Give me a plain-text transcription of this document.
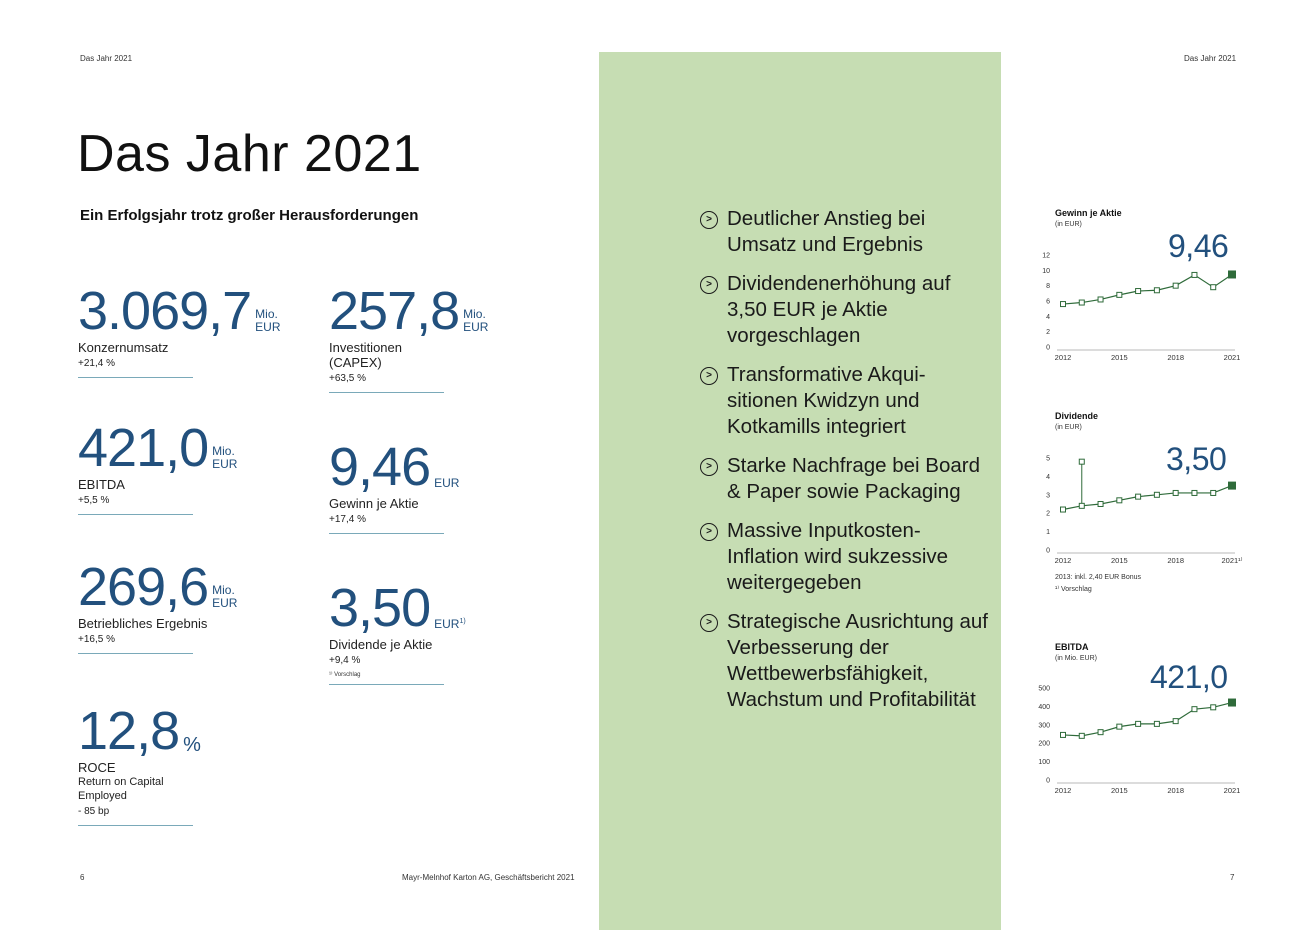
Das Jahr 2021
Das Jahr 2021
Ein Erfolgsjahr trotz großer Herausforderungen
3.069,7 Mio.
EUR
Konzernumsatz
+21,4 %
257,8 Mio.
EUR
Investitionen
(CAPEX)
+63,5 %
421,0 Mio.
EUR
EBITDA
+5,5 %
9,46 EUR
Gewinn je Aktie
+17,4 %
269,6 Mio.
EUR
Betriebliches Ergebnis
+16,5 %
3,50 EUR$^{1)}$
Dividende je Aktie
+9,4 %
¹⁾ Vorschlag
12,8 %
ROCE
Return on Capital
Employed
- 85 bp
6	Mayr-Melnhof Karton AG, Geschäftsbericht 2021
> Deutlicher Anstieg bei Umsatz und Ergebnis
> Dividendenerhöhung auf 3,50 EUR je Aktie vorgeschlagen
> Transformative Akqui-sitionen Kwidzyn und Kotkamills integriert
> Starke Nachfrage bei Board & Paper sowie Packaging
> Massive Inputkosten-Inflation wird sukzessive weitergegeben
> Strategische Ausrichtung auf Verbesserung der Wettbewerbsfähigkeit, Wachstum und Profitabilität
Das Jahr 2021
Gewinn je Aktie
(in EUR)
9,46
0
2
4
6
8
10
12
2012	2015	2018	2021
Dividende
(in EUR)
3,50
0
1
2
3
4
5
2012	2015	2018	2021¹⁾
2013: inkl. 2,40 EUR Bonus
¹⁾ Vorschlag
EBITDA
(in Mio. EUR)
421,0
0
100
200
300
400
500
2012	2015	2018	2021
7
